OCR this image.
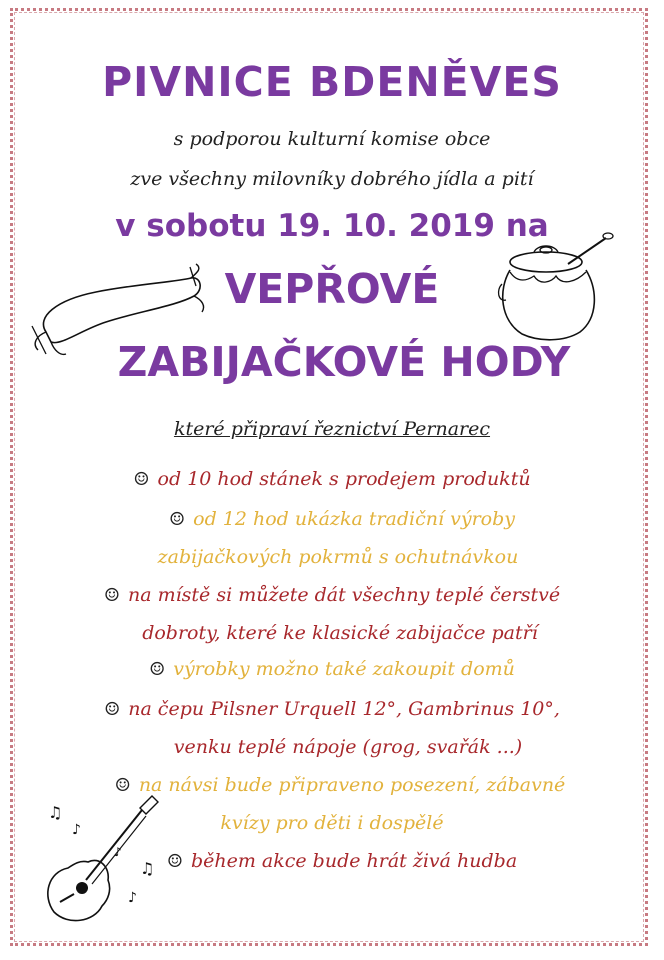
PIVNICE BDENĚVES
s podporou kulturní komise obce
zve všechny milovníky dobrého jídla a pití
v sobotu 19. 10. 2019 na
VEPŘOVÉ
ZABIJAČKOVÉ HODY
které připraví řeznictví Pernarec
☺ od 10 hod stánek s prodejem produktů
☺ od 12 hod ukázka tradiční výroby
zabijačkových pokrmů s ochutnávkou
☺ na místě si můžete dát všechny teplé čerstvé
dobroty, které ke klasické zabijačce patří
☺ výrobky možno také zakoupit domů
☺ na čepu Pilsner Urquell 12°, Gambrinus 10°,
venku teplé nápoje (grog, svařák ...)
☺ na návsi bude připraveno posezení, zábavné
kvízy pro děti i dospělé
☺ během akce bude hrát živá hudba
♫
♪
♫
♪
♪
